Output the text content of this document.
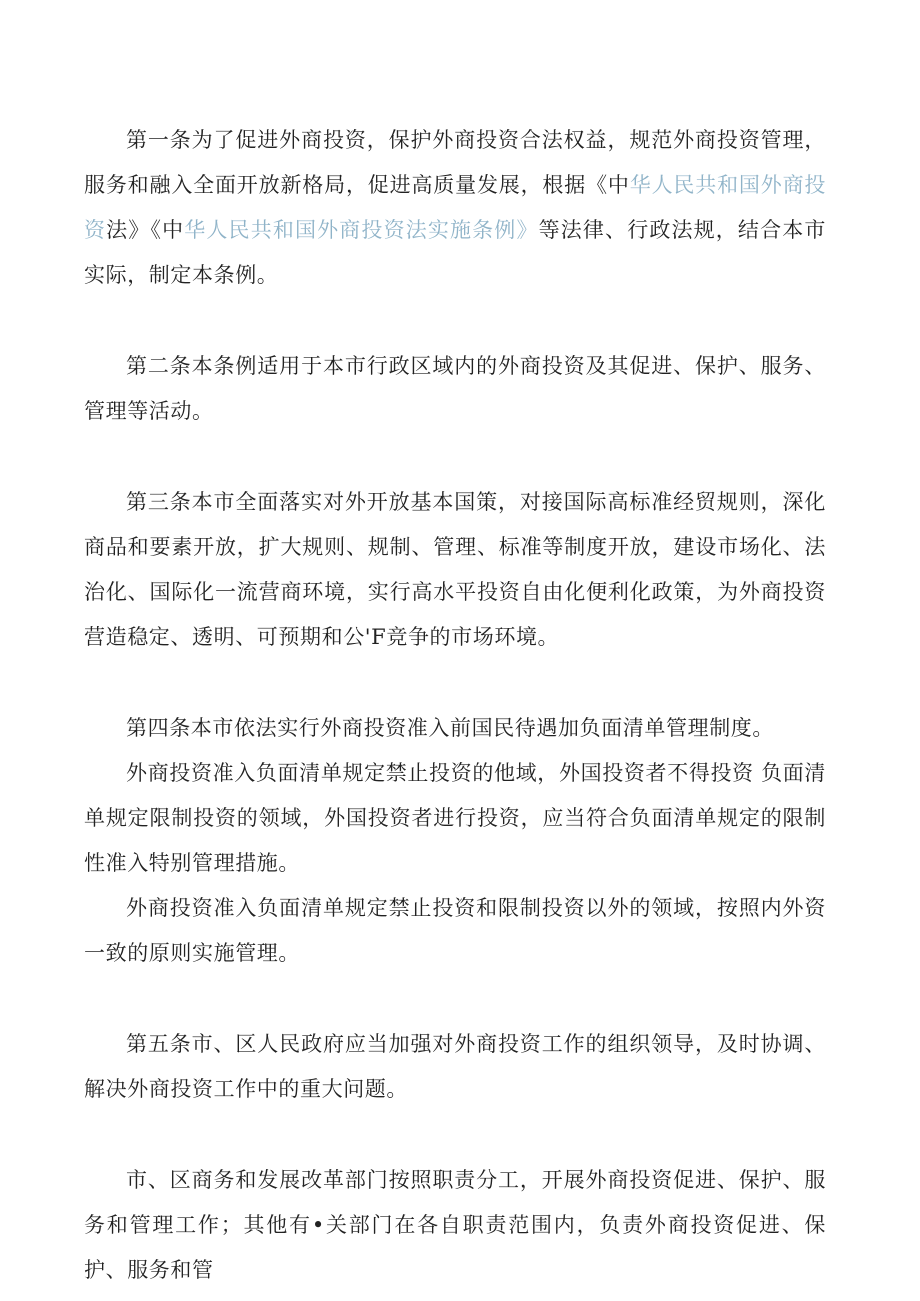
第一条为了促进外商投资，保护外商投资合法权益，规范外商投资管理，服务和融入全面开放新格局，促进高质量发展，根据《中华人民共和国外商投资法》《中华人民共和国外商投资法实施条例》等法律、行政法规，结合本市实际，制定本条例。

第二条本条例适用于本市行政区域内的外商投资及其促进、保护、服务、管理等活动。

第三条本市全面落实对外开放基本国策，对接国际高标准经贸规则，深化商品和要素开放，扩大规则、规制、管理、标准等制度开放，建设市场化、法治化、国际化一流营商环境，实行高水平投资自由化便利化政策，为外商投资营造稳定、透明、可预期和公'F竞争的市场环境。

第四条本市依法实行外商投资准入前国民待遇加负面清单管理制度。

外商投资准入负面清单规定禁止投资的他域，外国投资者不得投资 负面清单规定限制投资的领域，外国投资者进行投资，应当符合负面清单规定的限制性准入特别管理措施。

外商投资准入负面清单规定禁止投资和限制投资以外的领域，按照内外资一致的原则实施管理。

第五条市、区人民政府应当加强对外商投资工作的组织领导，及时协调、解决外商投资工作中的重大问题。

市、区商务和发展改革部门按照职责分工，开展外商投资促进、保护、服务和管理工作；其他有•关部门在各自职责范围内，负责外商投资促进、保护、服务和管
